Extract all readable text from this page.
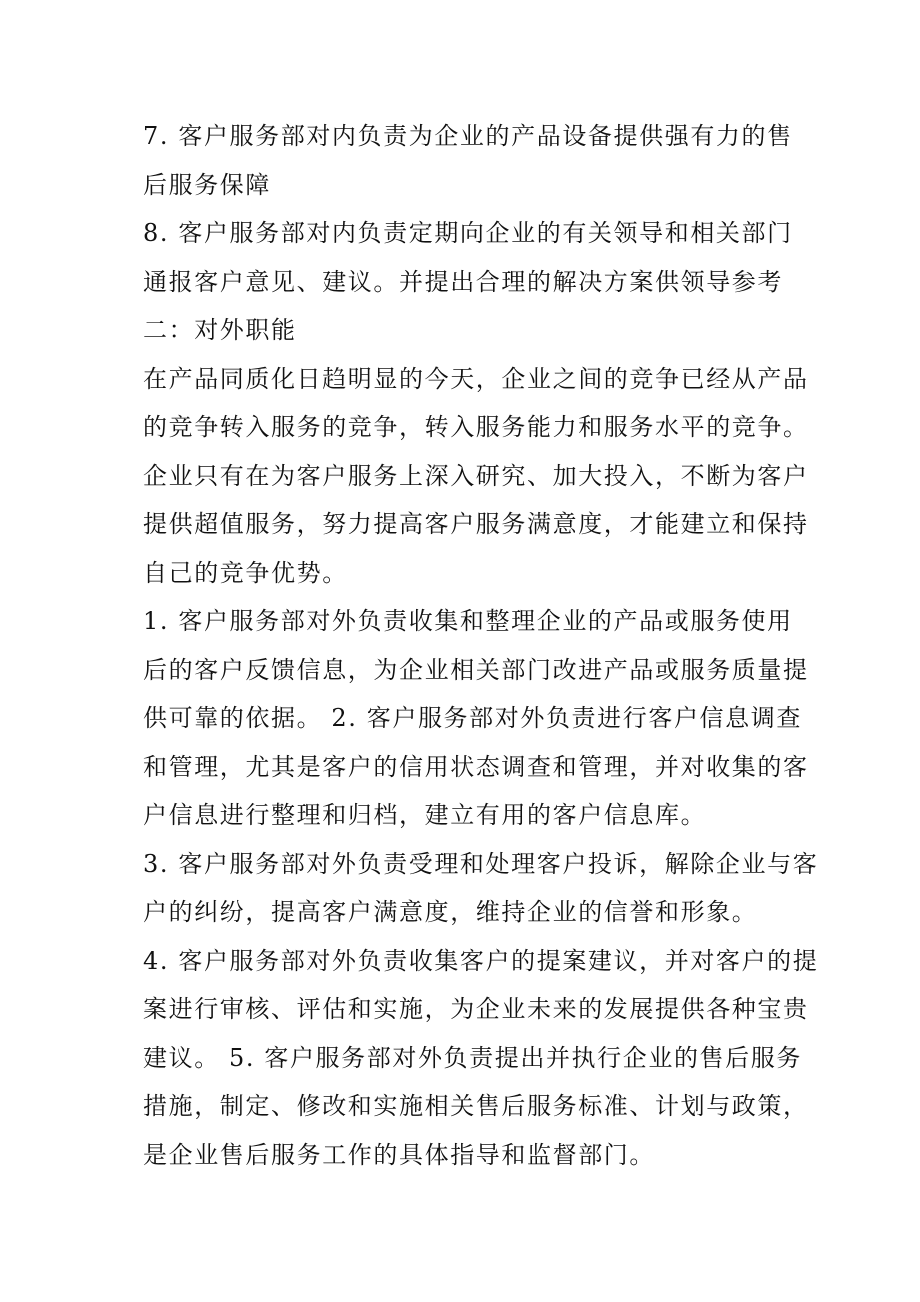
7. 客户服务部对内负责为企业的产品设备提供强有力的售
后服务保障
8. 客户服务部对内负责定期向企业的有关领导和相关部门
通报客户意见、建议。并提出合理的解决方案供领导参考
二：对外职能
在产品同质化日趋明显的今天，企业之间的竞争已经从产品
的竞争转入服务的竞争，转入服务能力和服务水平的竞争。
企业只有在为客户服务上深入研究、加大投入，不断为客户
提供超值服务，努力提高客户服务满意度，才能建立和保持
自己的竞争优势。
1. 客户服务部对外负责收集和整理企业的产品或服务使用
后的客户反馈信息，为企业相关部门改进产品或服务质量提
供可靠的依据。 2. 客户服务部对外负责进行客户信息调查
和管理，尤其是客户的信用状态调查和管理，并对收集的客
户信息进行整理和归档，建立有用的客户信息库。
3. 客户服务部对外负责受理和处理客户投诉，解除企业与客
户的纠纷，提高客户满意度，维持企业的信誉和形象。
4. 客户服务部对外负责收集客户的提案建议，并对客户的提
案进行审核、评估和实施，为企业未来的发展提供各种宝贵
建议。 5. 客户服务部对外负责提出并执行企业的售后服务
措施，制定、修改和实施相关售后服务标准、计划与政策，
是企业售后服务工作的具体指导和监督部门。
